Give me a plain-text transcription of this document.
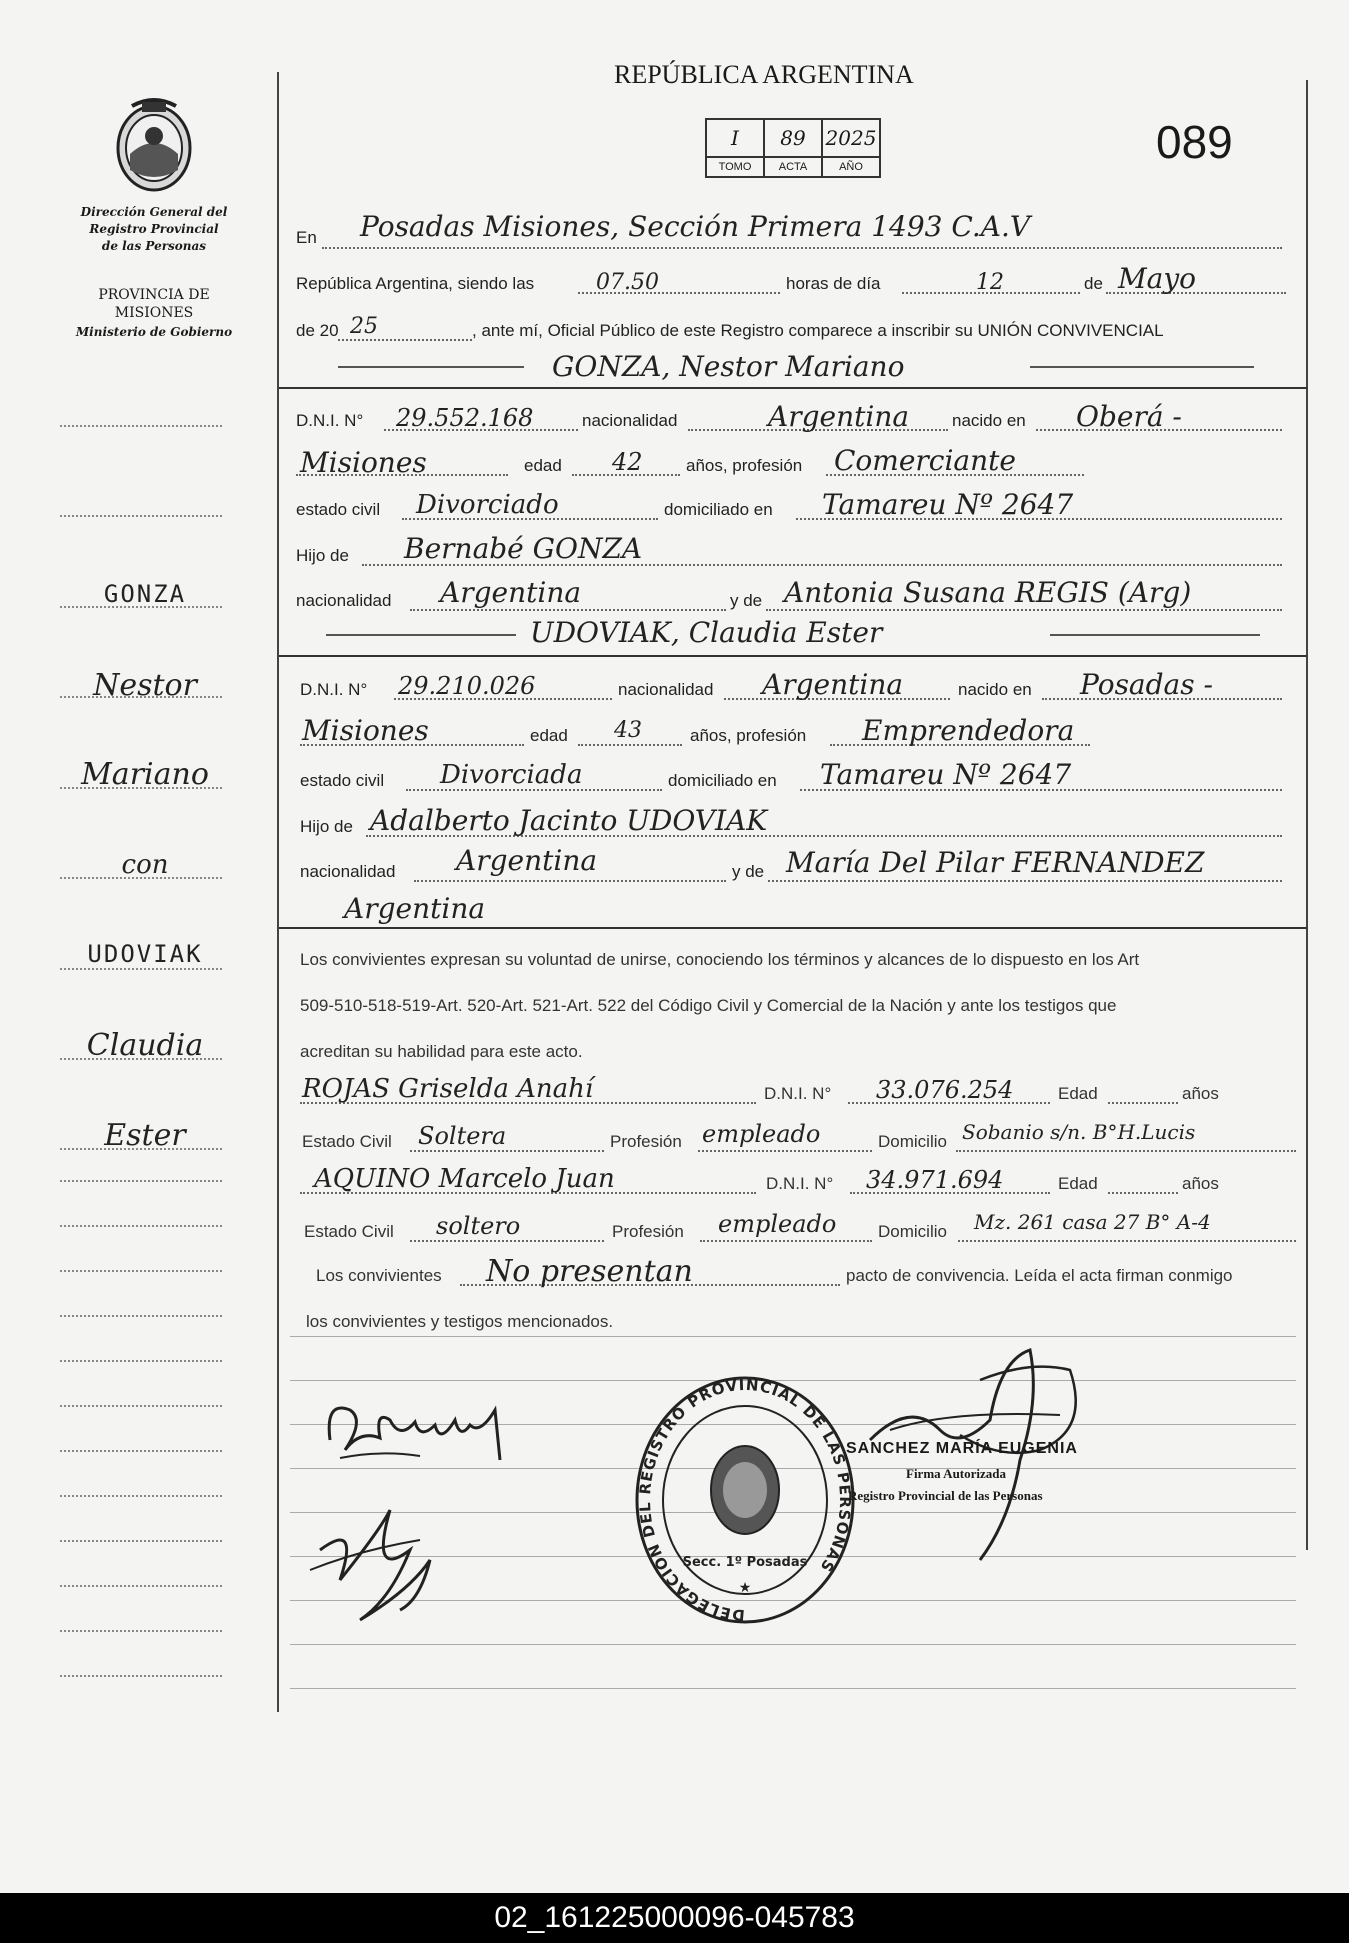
Dirección General del
Registro Provincial
de las Personas
PROVINCIA DE
MISIONES
Ministerio de Gobierno
GONZA
Nestor
Mariano
con
UDOVIAK
Claudia
Ester
REPÚBLICA ARGENTINA
I	89	2025
TOMO	ACTA	AÑO	089
En Posadas Misiones, Sección Primera 1493 C.A.V
República Argentina, siendo las	07.50	horas de día	12	de Mayo
de 20 25	, ante mí, Oficial Público de este Registro comparece a inscribir su UNIÓN CONVIVENCIAL
GONZA, Nestor Mariano
D.N.I. N° 29.552.168	nacionalidad	Argentina	nacido en Oberá -
Misiones	edad 42	años, profesión Comerciante
estado civil Divorciado	domiciliado en Tamareu Nº 2647
Hijo de Bernabé GONZA
nacionalidad Argentina	y de Antonia Susana REGIS (Arg)
UDOVIAK, Claudia Ester
D.N.I. N° 29.210.026	nacionalidad Argentina	nacido en Posadas -
Misiones	edad 43	años, profesión Emprendedora
estado civil Divorciada	domiciliado en Tamareu Nº 2647
Hijo de Adalberto Jacinto UDOVIAK
nacionalidad Argentina	y de María Del Pilar FERNANDEZ
Argentina
Los convivientes expresan su voluntad de unirse, conociendo los términos y alcances de lo dispuesto en los Art
509-510-518-519-Art. 520-Art. 521-Art. 522 del Código Civil y Comercial de la Nación y ante los testigos que
acreditan su habilidad para este acto.
ROJAS Griselda Anahí	D.N.I. N° 33.076.254	Edad	años
Estado Civil Soltera	Profesión empleado	Domicilio Sobanio s/n. B°H.Lucis
AQUINO Marcelo Juan	D.N.I. N° 34.971.694	Edad	años
Estado Civil soltero	Profesión empleado Domicilio Mz. 261 casa 27 B° A-4
Los convivientes No presentan	pacto de convivencia. Leída el acta firman conmigo
los convivientes y testigos mencionados.
DELEGACIÓN DEL REGISTRO PROVINCIAL DE LAS PERSONAS
Secc. 1º Posadas
★
SANCHEZ MARÍA EUGENIA
Firma Autorizada
Registro Provincial de las Personas
02_161225000096-045783
